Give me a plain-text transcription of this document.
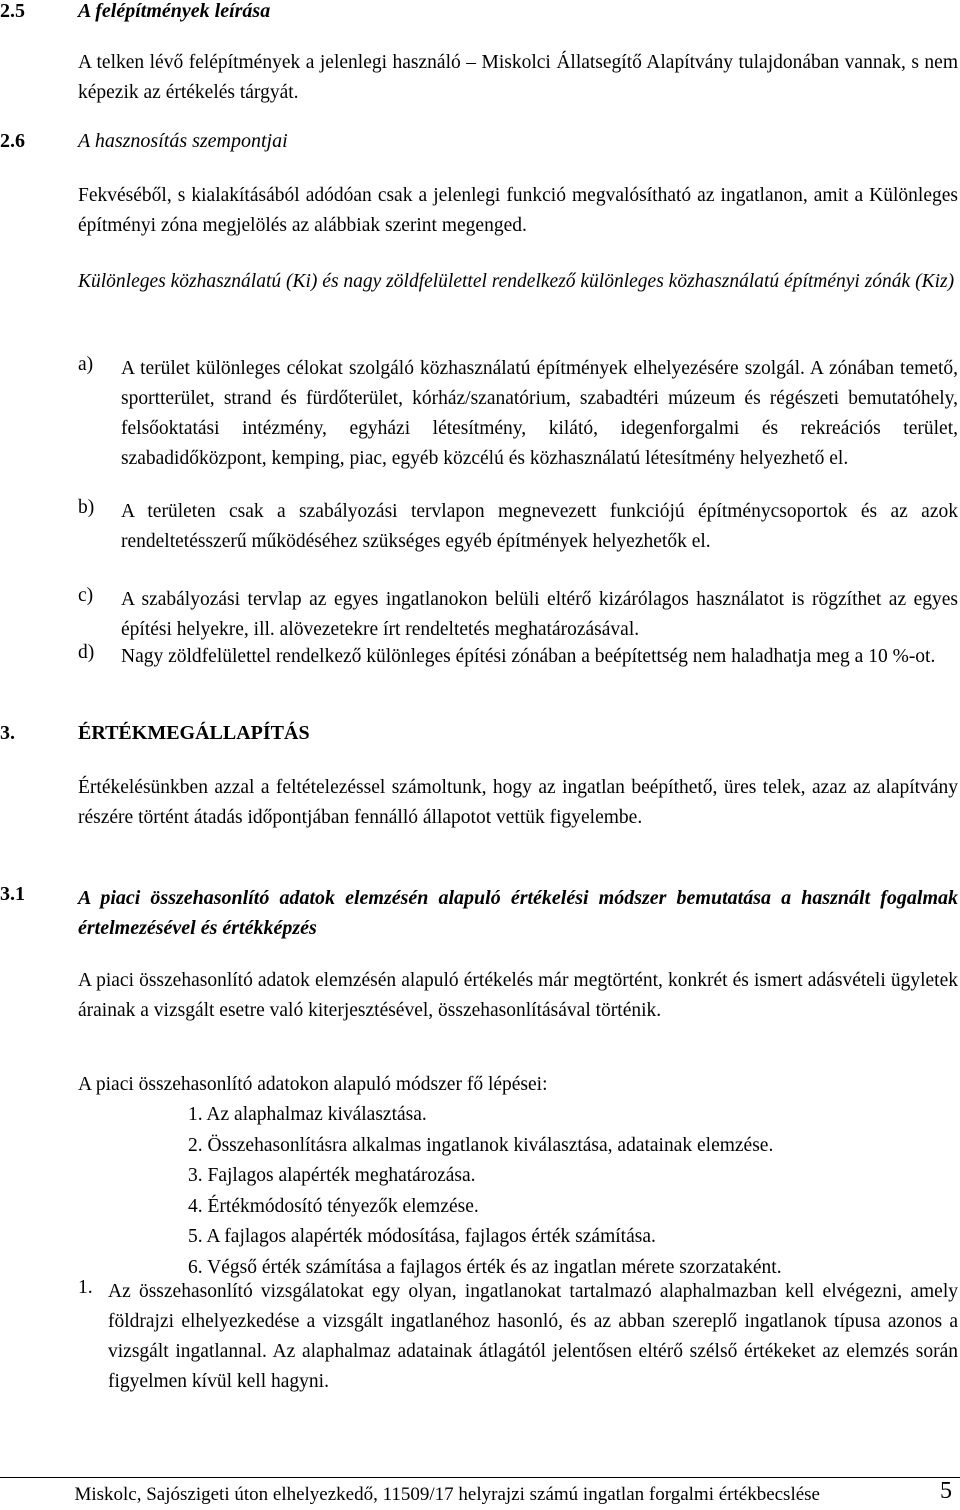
2.5	A felépítmények leírása
A telken lévő felépítmények a jelenlegi használó – Miskolci Állatsegítő Alapítvány tulajdonában vannak, s nem képezik az értékelés tárgyát.
2.6	A hasznosítás szempontjai
Fekvéséből, s kialakításából adódóan csak a jelenlegi funkció megvalósítható az ingatlanon, amit a Különleges építményi zóna megjelölés az alábbiak szerint megenged.
Különleges közhasználatú (Ki) és nagy zöldfelülettel rendelkező különleges közhasználatú építményi zónák (Kiz)
a) A terület különleges célokat szolgáló közhasználatú építmények elhelyezésére szolgál. A zónában temető, sportterület, strand és fürdőterület, kórház/szanatórium, szabadtéri múzeum és régészeti bemutatóhely, felsőoktatási intézmény, egyházi létesítmény, kilátó, idegenforgalmi és rekreációs terület, szabadidőközpont, kemping, piac, egyéb közcélú és közhasználatú létesítmény helyezhető el.
b) A területen csak a szabályozási tervlapon megnevezett funkciójú építménycsoportok és az azok rendeltetésszerű működéséhez szükséges egyéb építmények helyezhetők el.
c) A szabályozási tervlap az egyes ingatlanokon belüli eltérő kizárólagos használatot is rögzíthet az egyes építési helyekre, ill. alövezetekre írt rendeltetés meghatározásával.
d) Nagy zöldfelülettel rendelkező különleges építési zónában a beépítettség nem haladhatja meg a 10 %-ot.
3.	ÉRTÉKMEGÁLLAPÍTÁS
Értékelésünkben azzal a feltételezéssel számoltunk, hogy az ingatlan beépíthető, üres telek, azaz az alapítvány részére történt átadás időpontjában fennálló állapotot vettük figyelembe.
3.1	A piaci összehasonlító adatok elemzésén alapuló értékelési módszer bemutatása a használt fogalmak értelmezésével és értékképzés
A piaci összehasonlító adatok elemzésén alapuló értékelés már megtörtént, konkrét és ismert adásvételi ügyletek árainak a vizsgált esetre való kiterjesztésével, összehasonlításával történik.
A piaci összehasonlító adatokon alapuló módszer fő lépései:
1. Az alaphalmaz kiválasztása.
2. Összehasonlításra alkalmas ingatlanok kiválasztása, adatainak elemzése.
3. Fajlagos alapérték meghatározása.
4. Értékmódosító tényezők elemzése.
5. A fajlagos alapérték módosítása, fajlagos érték számítása.
6. Végső érték számítása a fajlagos érték és az ingatlan mérete szorzataként.
1. Az összehasonlító vizsgálatokat egy olyan, ingatlanokat tartalmazó alaphalmazban kell elvégezni, amely földrajzi elhelyezkedése a vizsgált ingatlanéhoz hasonló, és az abban szereplő ingatlanok típusa azonos a vizsgált ingatlannal. Az alaphalmaz adatainak átlagától jelentősen eltérő szélső értékeket az elemzés során figyelmen kívül kell hagyni.
Miskolc, Sajószigeti úton elhelyezkedő, 11509/17 helyrajzi számú ingatlan forgalmi értékbecslése	5
